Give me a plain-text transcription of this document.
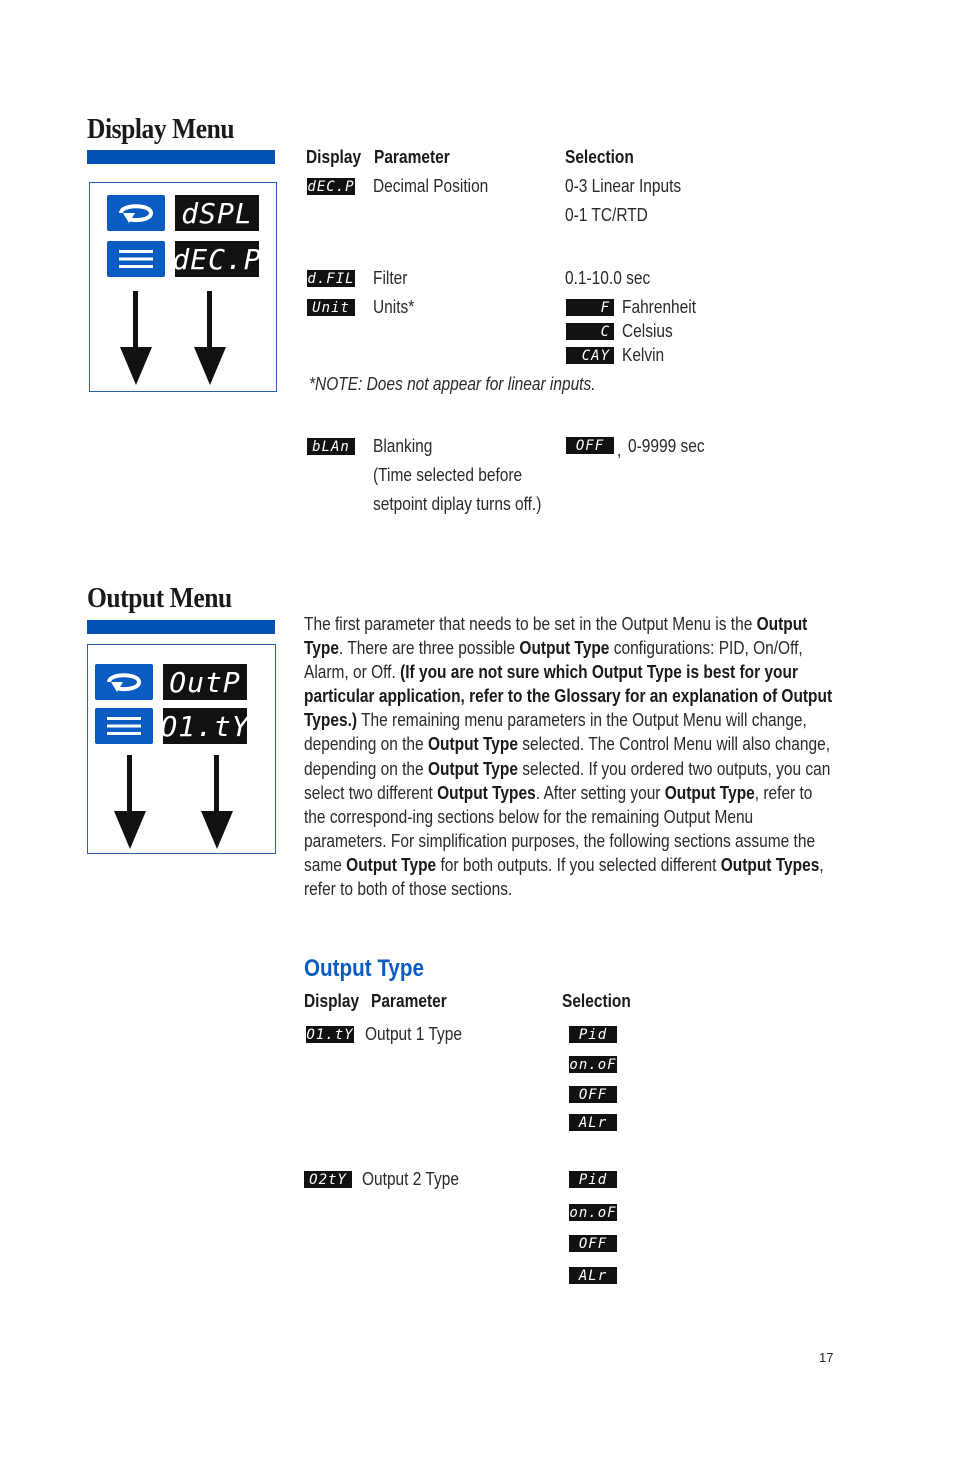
Display Menu
dSPL
dEC.P
Display Parameter	Selection
dEC.P Decimal Position	0-3 Linear Inputs
0-1 TC/RTD
d.FIL Filter	0.1-10.0 sec
Unit Units*	F Fahrenheit
C Celsius
CAY Kelvin
*NOTE: Does not appear for linear inputs.
bLAn Blanking
(Time selected before
setpoint diplay turns off.)
OFF , 0-9999 sec
Output Menu
OutP
O1.tY
The first parameter that needs to be set in the Output Menu is the Output Type. There are three possible Output Type configurations: PID, On/Off, Alarm, or Off. (If you are not sure which Output Type is best for your particular application, refer to the Glossary for an explanation of Output Types.) The remaining menu parameters in the Output Menu will change, depending on the Output Type selected. The Control Menu will also change, depending on the Output Type selected. If you ordered two outputs, you can select two different Output Types. After setting your Output Type, refer to the correspond-ing sections below for the remaining Output Menu parameters. For simplification purposes, the following sections assume the same Output Type for both outputs. If you selected different Output Types, refer to both of those sections.
Output Type
Display Parameter	Selection
O1.tY Output 1 Type	Pid
on.oF
OFF
ALr
O2tY Output 2 Type	Pid
on.oF
OFF
ALr
17
